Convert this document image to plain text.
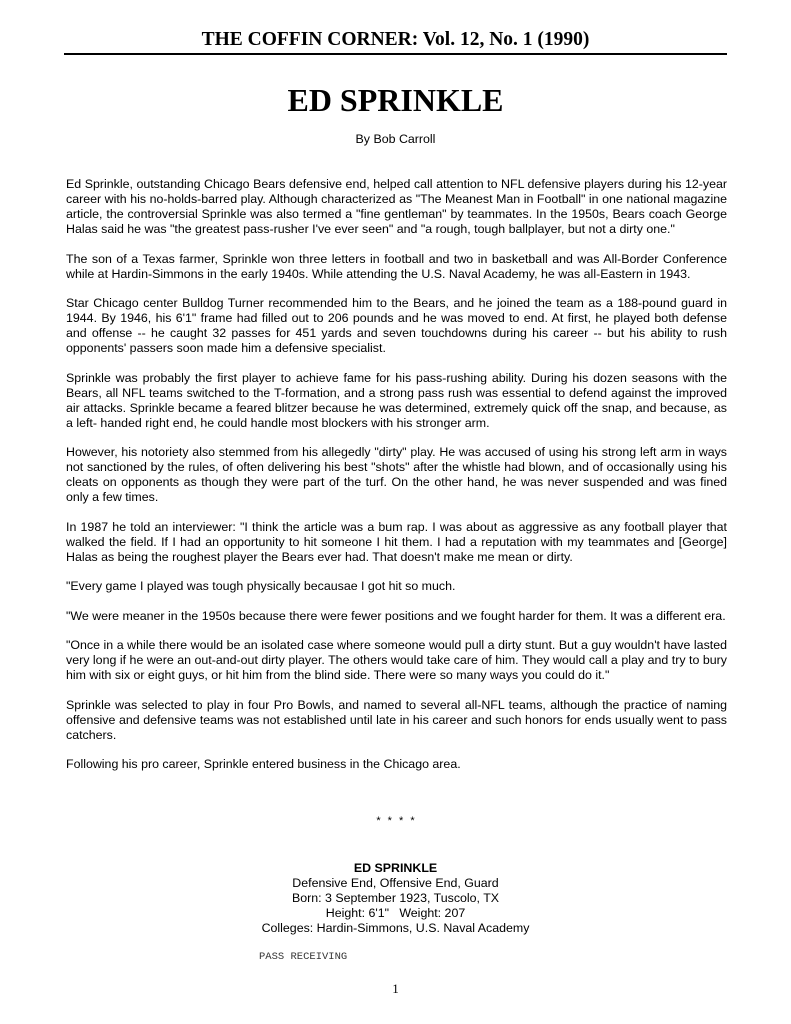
THE COFFIN CORNER: Vol. 12, No. 1 (1990)
ED SPRINKLE
By Bob Carroll

Ed Sprinkle, outstanding Chicago Bears defensive end, helped call attention to NFL defensive players during his 12-year career with his no-holds-barred play. Although characterized as "The Meanest Man in Football" in one national magazine article, the controversial Sprinkle was also termed a "fine gentleman" by teammates. In the 1950s, Bears coach George Halas said he was "the greatest pass-rusher I've ever seen" and "a rough, tough ballplayer, but not a dirty one."

The son of a Texas farmer, Sprinkle won three letters in football and two in basketball and was All-Border Conference while at Hardin-Simmons in the early 1940s. While attending the U.S. Naval Academy, he was all-Eastern in 1943.

Star Chicago center Bulldog Turner recommended him to the Bears, and he joined the team as a 188-pound guard in 1944. By 1946, his 6'1" frame had filled out to 206 pounds and he was moved to end. At first, he played both defense and offense -- he caught 32 passes for 451 yards and seven touchdowns during his career -- but his ability to rush opponents' passers soon made him a defensive specialist.

Sprinkle was probably the first player to achieve fame for his pass-rushing ability. During his dozen seasons with the Bears, all NFL teams switched to the T-formation, and a strong pass rush was essential to defend against the improved air attacks. Sprinkle became a feared blitzer because he was determined, extremely quick off the snap, and because, as a left- handed right end, he could handle most blockers with his stronger arm.

However, his notoriety also stemmed from his allegedly "dirty" play. He was accused of using his strong left arm in ways not sanctioned by the rules, of often delivering his best "shots" after the whistle had blown, and of occasionally using his cleats on opponents as though they were part of the turf. On the other hand, he was never suspended and was fined only a few times.

In 1987 he told an interviewer: "I think the article was a bum rap. I was about as aggressive as any football player that walked the field. If I had an opportunity to hit someone I hit them. I had a reputation with my teammates and [George] Halas as being the roughest player the Bears ever had. That doesn't make me mean or dirty.

"Every game I played was tough physically becausae I got hit so much.

"We were meaner in the 1950s because there were fewer positions and we fought harder for them. It was a different era.

"Once in a while there would be an isolated case where someone would pull a dirty stunt. But a guy wouldn't have lasted very long if he were an out-and-out dirty player. The others would take care of him. They would call a play and try to bury him with six or eight guys, or hit him from the blind side. There were so many ways you could do it."

Sprinkle was selected to play in four Pro Bowls, and named to several all-NFL teams, although the practice of naming offensive and defensive teams was not established until late in his career and such honors for ends usually went to pass catchers.

Following his pro career, Sprinkle entered business in the Chicago area.

* * * *
ED SPRINKLE
Defensive End, Offensive End, Guard
Born: 3 September 1923, Tuscolo, TX
Height: 6'1"   Weight: 207
Colleges: Hardin-Simmons, U.S. Naval Academy
PASS RECEIVING
1
